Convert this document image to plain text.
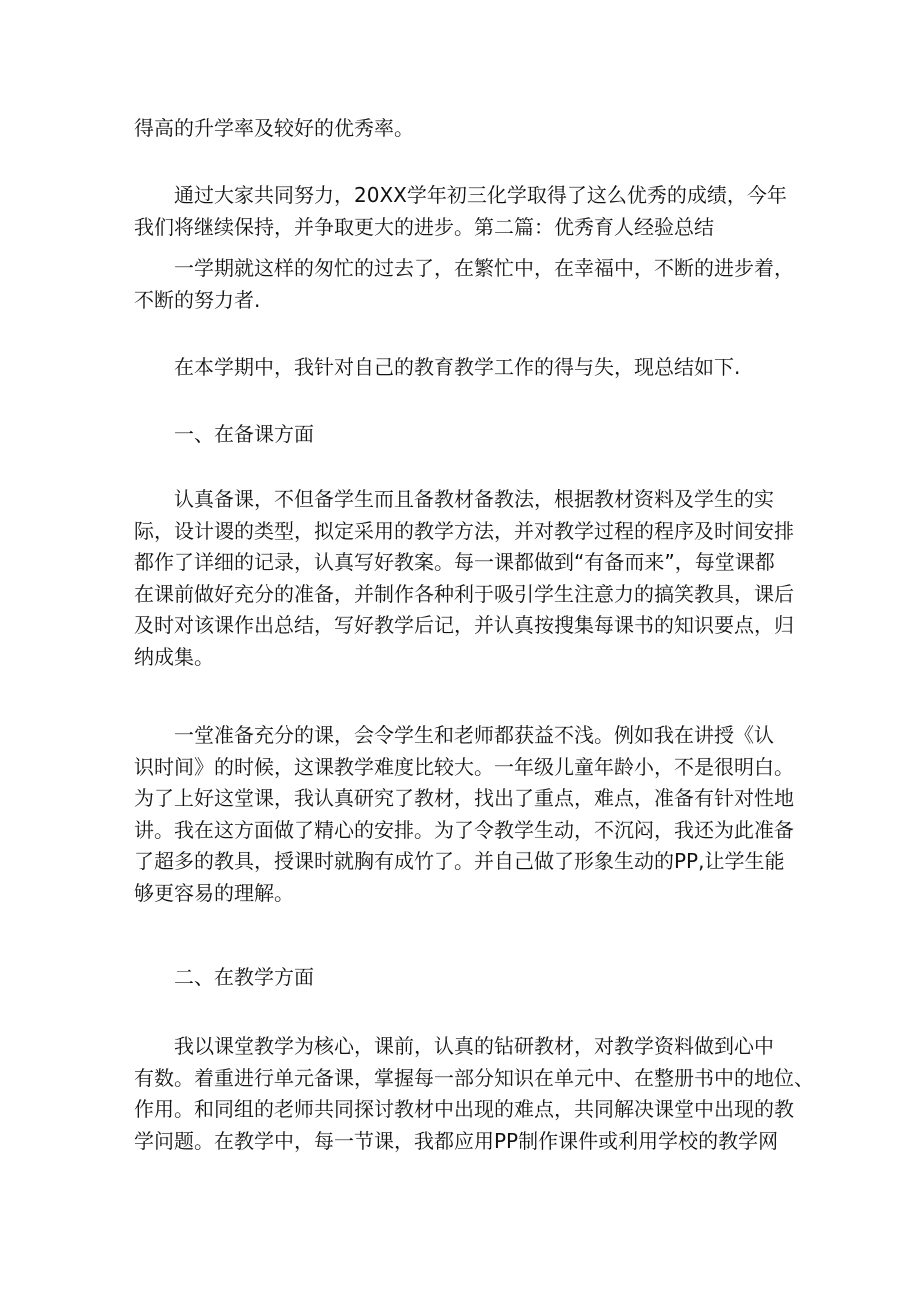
得高的升学率及较好的优秀率。

通过大家共同努力，20XX学年初三化学取得了这么优秀的成绩，今年
我们将继续保持，并争取更大的进步。第二篇：优秀育人经验总结

一学期就这样的匆忙的过去了，在繁忙中，在幸福中，不断的进步着，
不断的努力者.

在本学期中，我针对自己的教育教学工作的得与失，现总结如下.

一、在备课方面

认真备课，不但备学生而且备教材备教法，根据教材资料及学生的实
际，设计谡的类型，拟定采用的教学方法，并对教学过程的程序及时间安排
都作了详细的记录，认真写好教案。每一课都做到“有备而来”，每堂课都
在课前做好充分的准备，并制作各种利于吸引学生注意力的搞笑教具，课后
及时对该课作出总结，写好教学后记，并认真按搜集每课书的知识要点，归
纳成集。

一堂准备充分的课，会令学生和老师都获益不浅。例如我在讲授《认
识时间》的时候，这课教学难度比较大。一年级儿童年龄小，不是很明白。
为了上好这堂课，我认真研究了教材，找出了重点，难点，准备有针对性地
讲。我在这方面做了精心的安排。为了令教学生动，不沉闷，我还为此准备
了超多的教具，授课时就胸有成竹了。并自己做了形象生动的PP,让学生能
够更容易的理解。

二、在教学方面

我以课堂教学为核心，课前，认真的钻研教材，对教学资料做到心中
有数。着重进行单元备课，掌握每一部分知识在单元中、在整册书中的地位、
作用。和同组的老师共同探讨教材中出现的难点，共同解决课堂中出现的教
学问题。在教学中，每一节课，我都应用PP制作课件或利用学校的教学网
